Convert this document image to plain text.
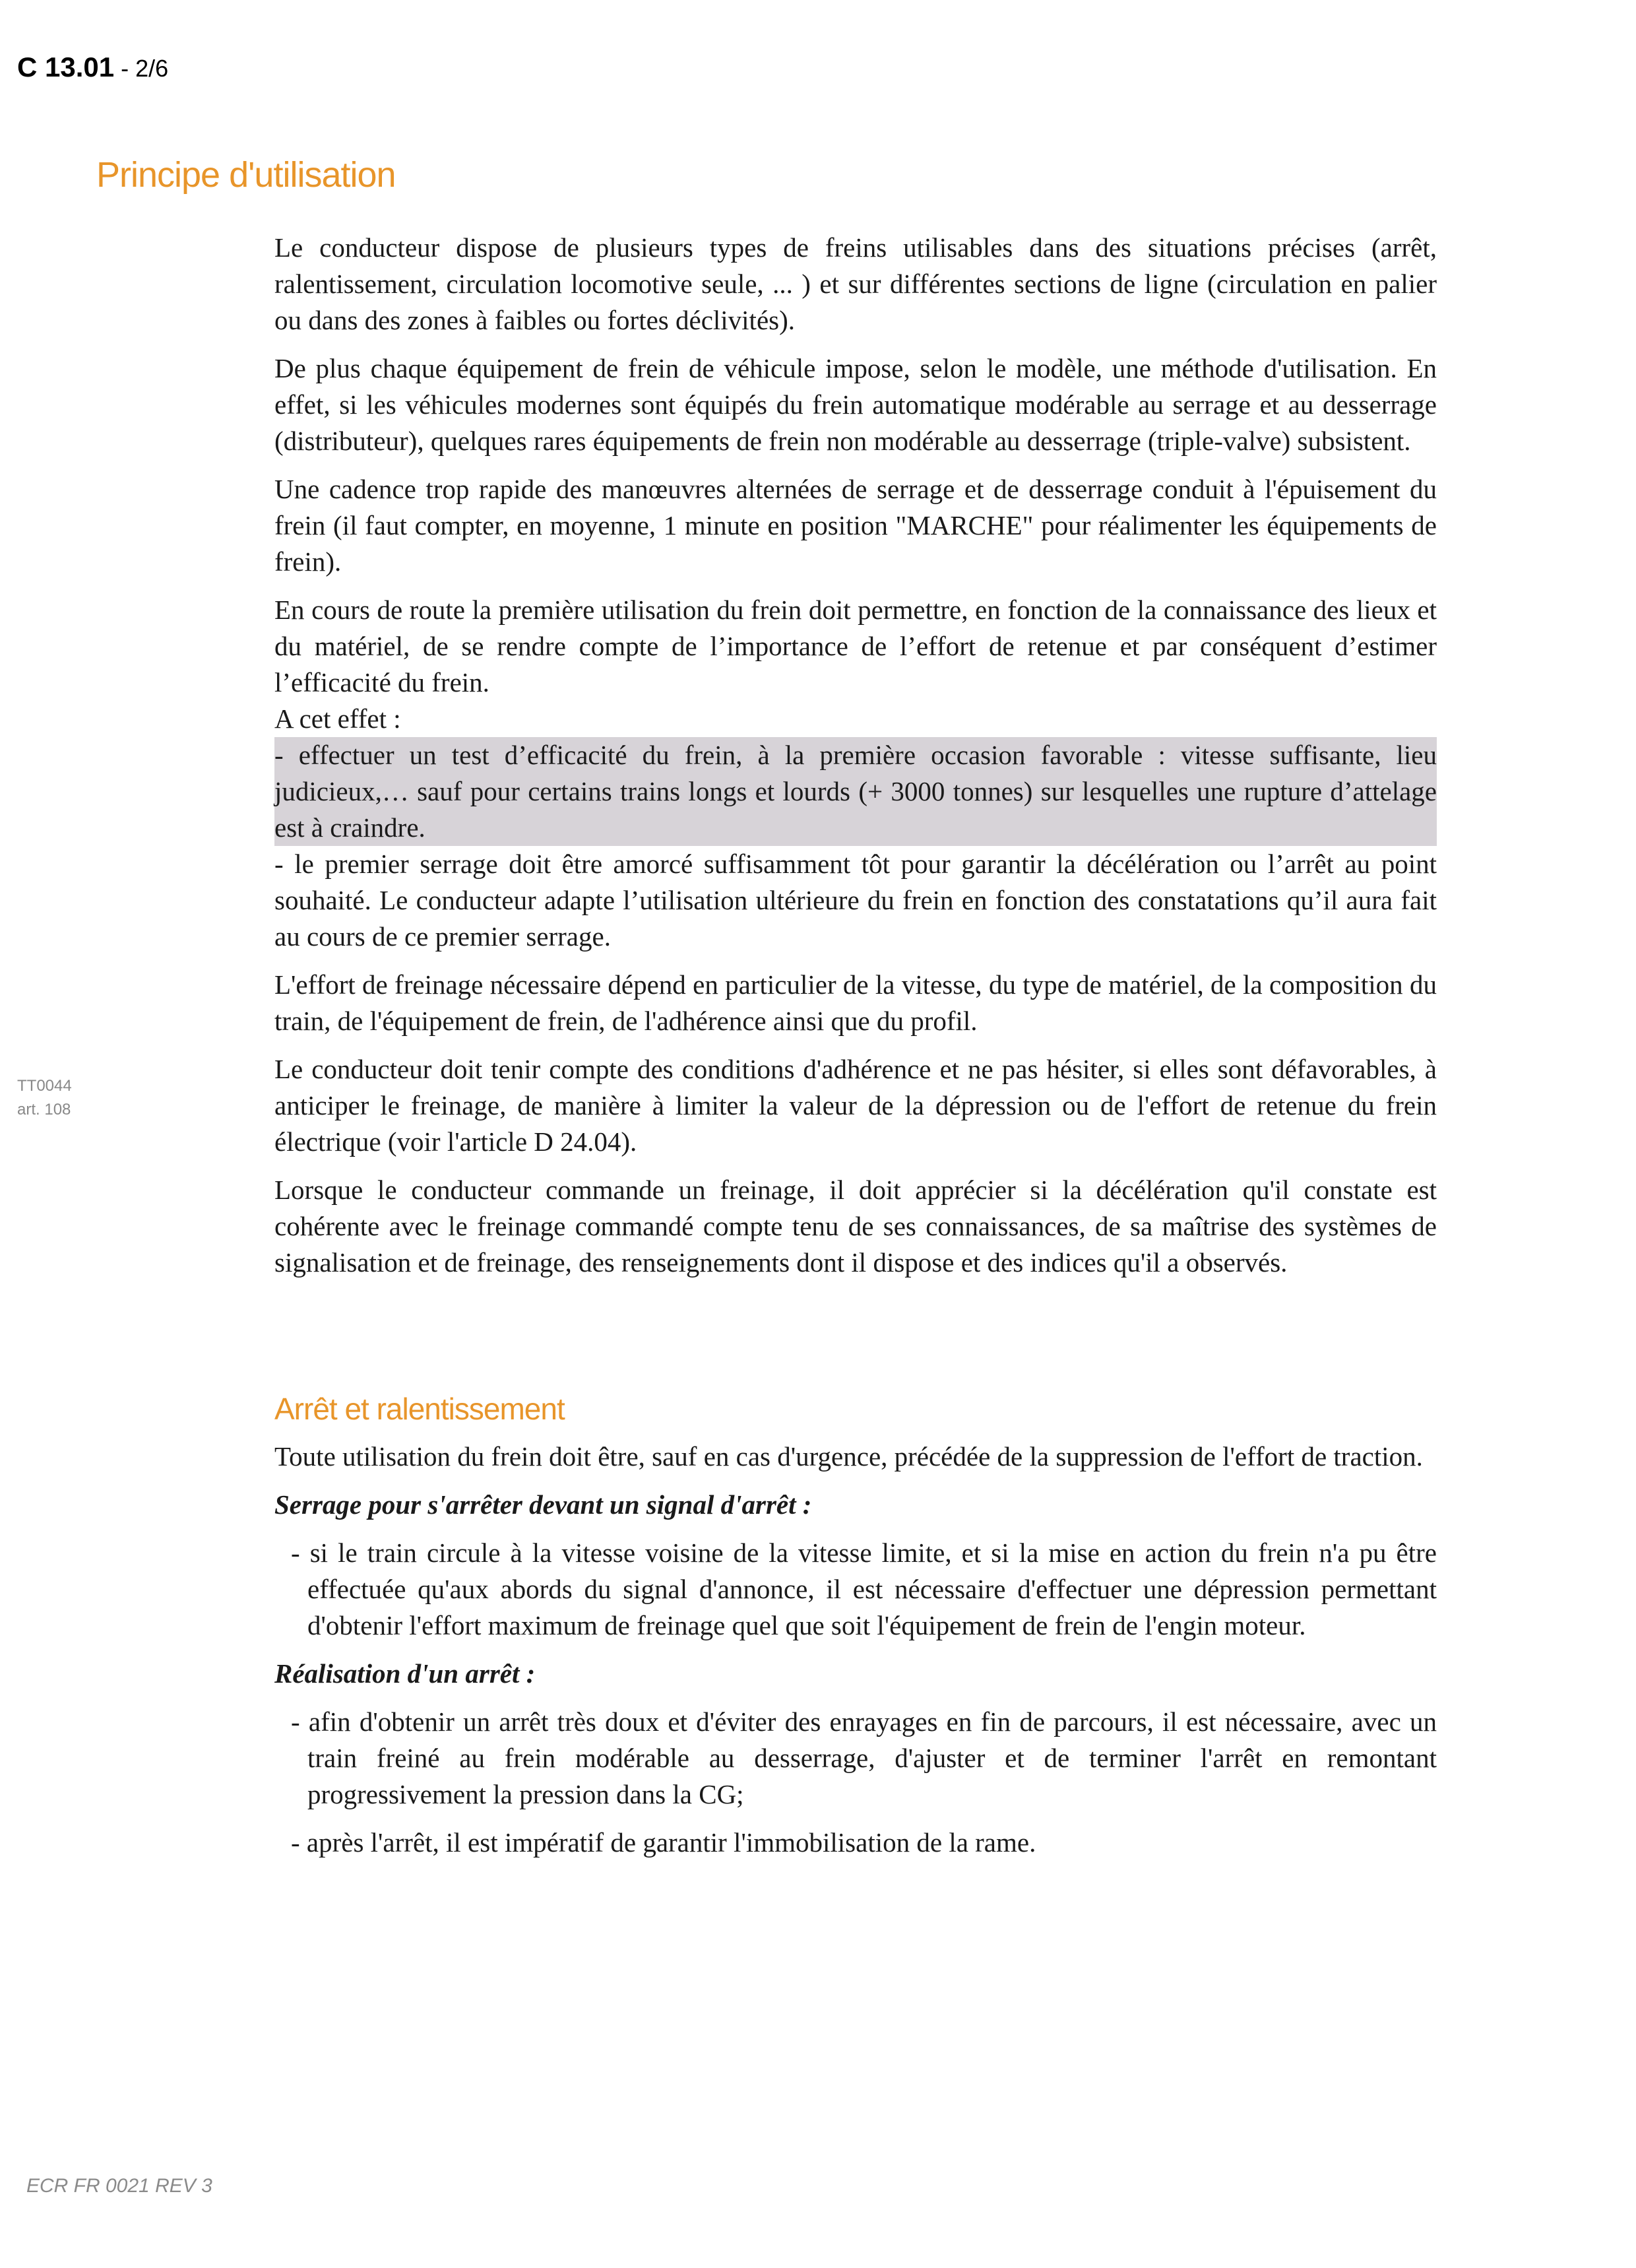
C 13.01 - 2/6
Principe d'utilisation
TT0044
art. 108

Le conducteur dispose de plusieurs types de freins utilisables dans des situations précises (arrêt, ralentissement, circulation locomotive seule, ... ) et sur différentes sections de ligne (circulation en palier ou dans des zones à faibles ou fortes déclivités).

De plus chaque équipement de frein de véhicule impose, selon le modèle, une méthode d'utilisation. En effet, si les véhicules modernes sont équipés du frein automatique modérable au serrage et au desserrage (distributeur), quelques rares équipements de frein non modérable au desserrage (triple-valve) subsistent.

Une cadence trop rapide des manœuvres alternées de serrage et de desserrage conduit à l'épuisement du frein (il faut compter, en moyenne, 1 minute en position "MARCHE" pour réalimenter les équipements de frein).

En cours de route la première utilisation du frein doit permettre, en fonction de la connaissance des lieux et du matériel, de se rendre compte de l’importance de l’effort de retenue et par conséquent d’estimer l’efficacité du frein.

A cet effet :

- effectuer un test d’efficacité du frein, à la première occasion favorable : vitesse suffisante, lieu judicieux,… sauf pour certains trains longs et lourds (+ 3000 tonnes) sur lesquelles une rupture d’attelage est à craindre.

- le premier serrage doit être amorcé suffisamment tôt pour garantir la décélération ou l’arrêt au point souhaité. Le conducteur adapte l’utilisation ultérieure du frein en fonction des constatations qu’il aura fait au cours de ce premier serrage.

L'effort de freinage nécessaire dépend en particulier de la vitesse, du type de matériel, de la composition du train, de l'équipement de frein, de l'adhérence ainsi que du profil.

Le conducteur doit tenir compte des conditions d'adhérence et ne pas hésiter, si elles sont défavorables, à anticiper le freinage, de manière à limiter la valeur de la dépression ou de l'effort de retenue du frein électrique (voir l'article D 24.04).

Lorsque le conducteur commande un freinage, il doit apprécier si la décélération qu'il constate est cohérente avec le freinage commandé compte tenu de ses connaissances, de sa maîtrise des systèmes de signalisation et de freinage, des renseignements dont il dispose et des indices qu'il a observés.

Arrêt et ralentissement

Toute utilisation du frein doit être, sauf en cas d'urgence, précédée de la suppression de l'effort de traction.

Serrage pour s'arrêter devant un signal d'arrêt :

- si le train circule à la vitesse voisine de la vitesse limite, et si la mise en action du frein n'a pu être effectuée qu'aux abords du signal d'annonce, il est nécessaire d'effectuer une dépression permettant d'obtenir l'effort maximum de freinage quel que soit l'équipement de frein de l'engin moteur.

Réalisation d'un arrêt :

- afin d'obtenir un arrêt très doux et d'éviter des enrayages en fin de parcours, il est nécessaire, avec un train freiné au frein modérable au desserrage, d'ajuster et de terminer l'arrêt en remontant progressivement la pression dans la CG;

- après l'arrêt, il est impératif de garantir l'immobilisation de la rame.

ECR FR 0021 REV 3
